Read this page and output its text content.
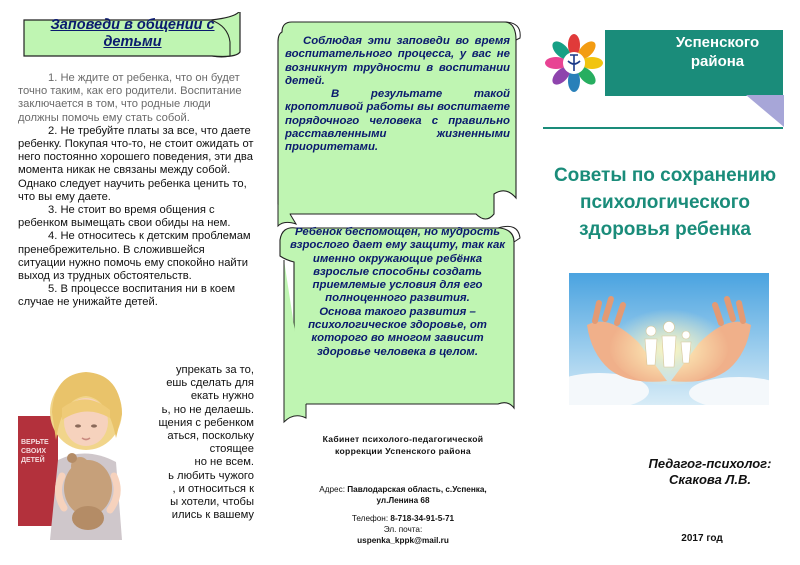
Заповеди в общении с детьми

1. Не ждите от ребенка, что он будет точно таким, как его родители. Воспитание заключается в том, что родные люди должны помочь ему стать собой.

2. Не требуйте платы за все, что даете ребенку. Покупая что-то, не стоит ожидать от него постоянно хорошего поведения, эти два момента никак не связаны между собой. Однако следует научить ребенка ценить то, что вы ему даете.

3. Не стоит во время общения с ребенком вымещать свои обиды на нем.

4. Не относитесь к детским проблемам пренебрежительно. В сложившейся ситуации нужно помочь ему спокойно найти выход из трудных обстоятельств.

5. В процессе воспитания ни в коем случае не унижайте детей.

упрекать за то,
ешь сделать для
екать нужно
ь, но не делаешь.
щения с ребенком
аться, поскольку
стоящее
но не всем.
ь любить чужого
, и относиться к
ы хотели, чтобы
ились к вашему
ВЕРЬТЕ СВОИХ ДЕТЕЙ

Соблюдая эти заповеди во время воспитательного процесса, у вас не возникнут трудности в воспитании детей.

В результате такой кропотливой работы вы воспитаете порядочного человека с правильно расставленными жизненными приоритетами.

Ребенок беспомощен, но мудрость взрослого дает ему защиту, так как именно окружающие ребёнка взрослые способны создать приемлемые условия для его полноценного развития.

Основа такого развития – психологическое здоровье, от которого во многом зависит здоровье человека в целом.

Кабинет психолого-педагогической коррекции Успенского района
Адрес: Павлодарская область, с.Успенка, ул.Ленина 68
Телефон: 8-718-34-91-5-71
Эл. почта:
uspenka_kppk@mail.ru
Успенского района
Советы по сохранению психологического здоровья ребенка
Педагог-психолог:
Скакова Л.В.
2017 год
